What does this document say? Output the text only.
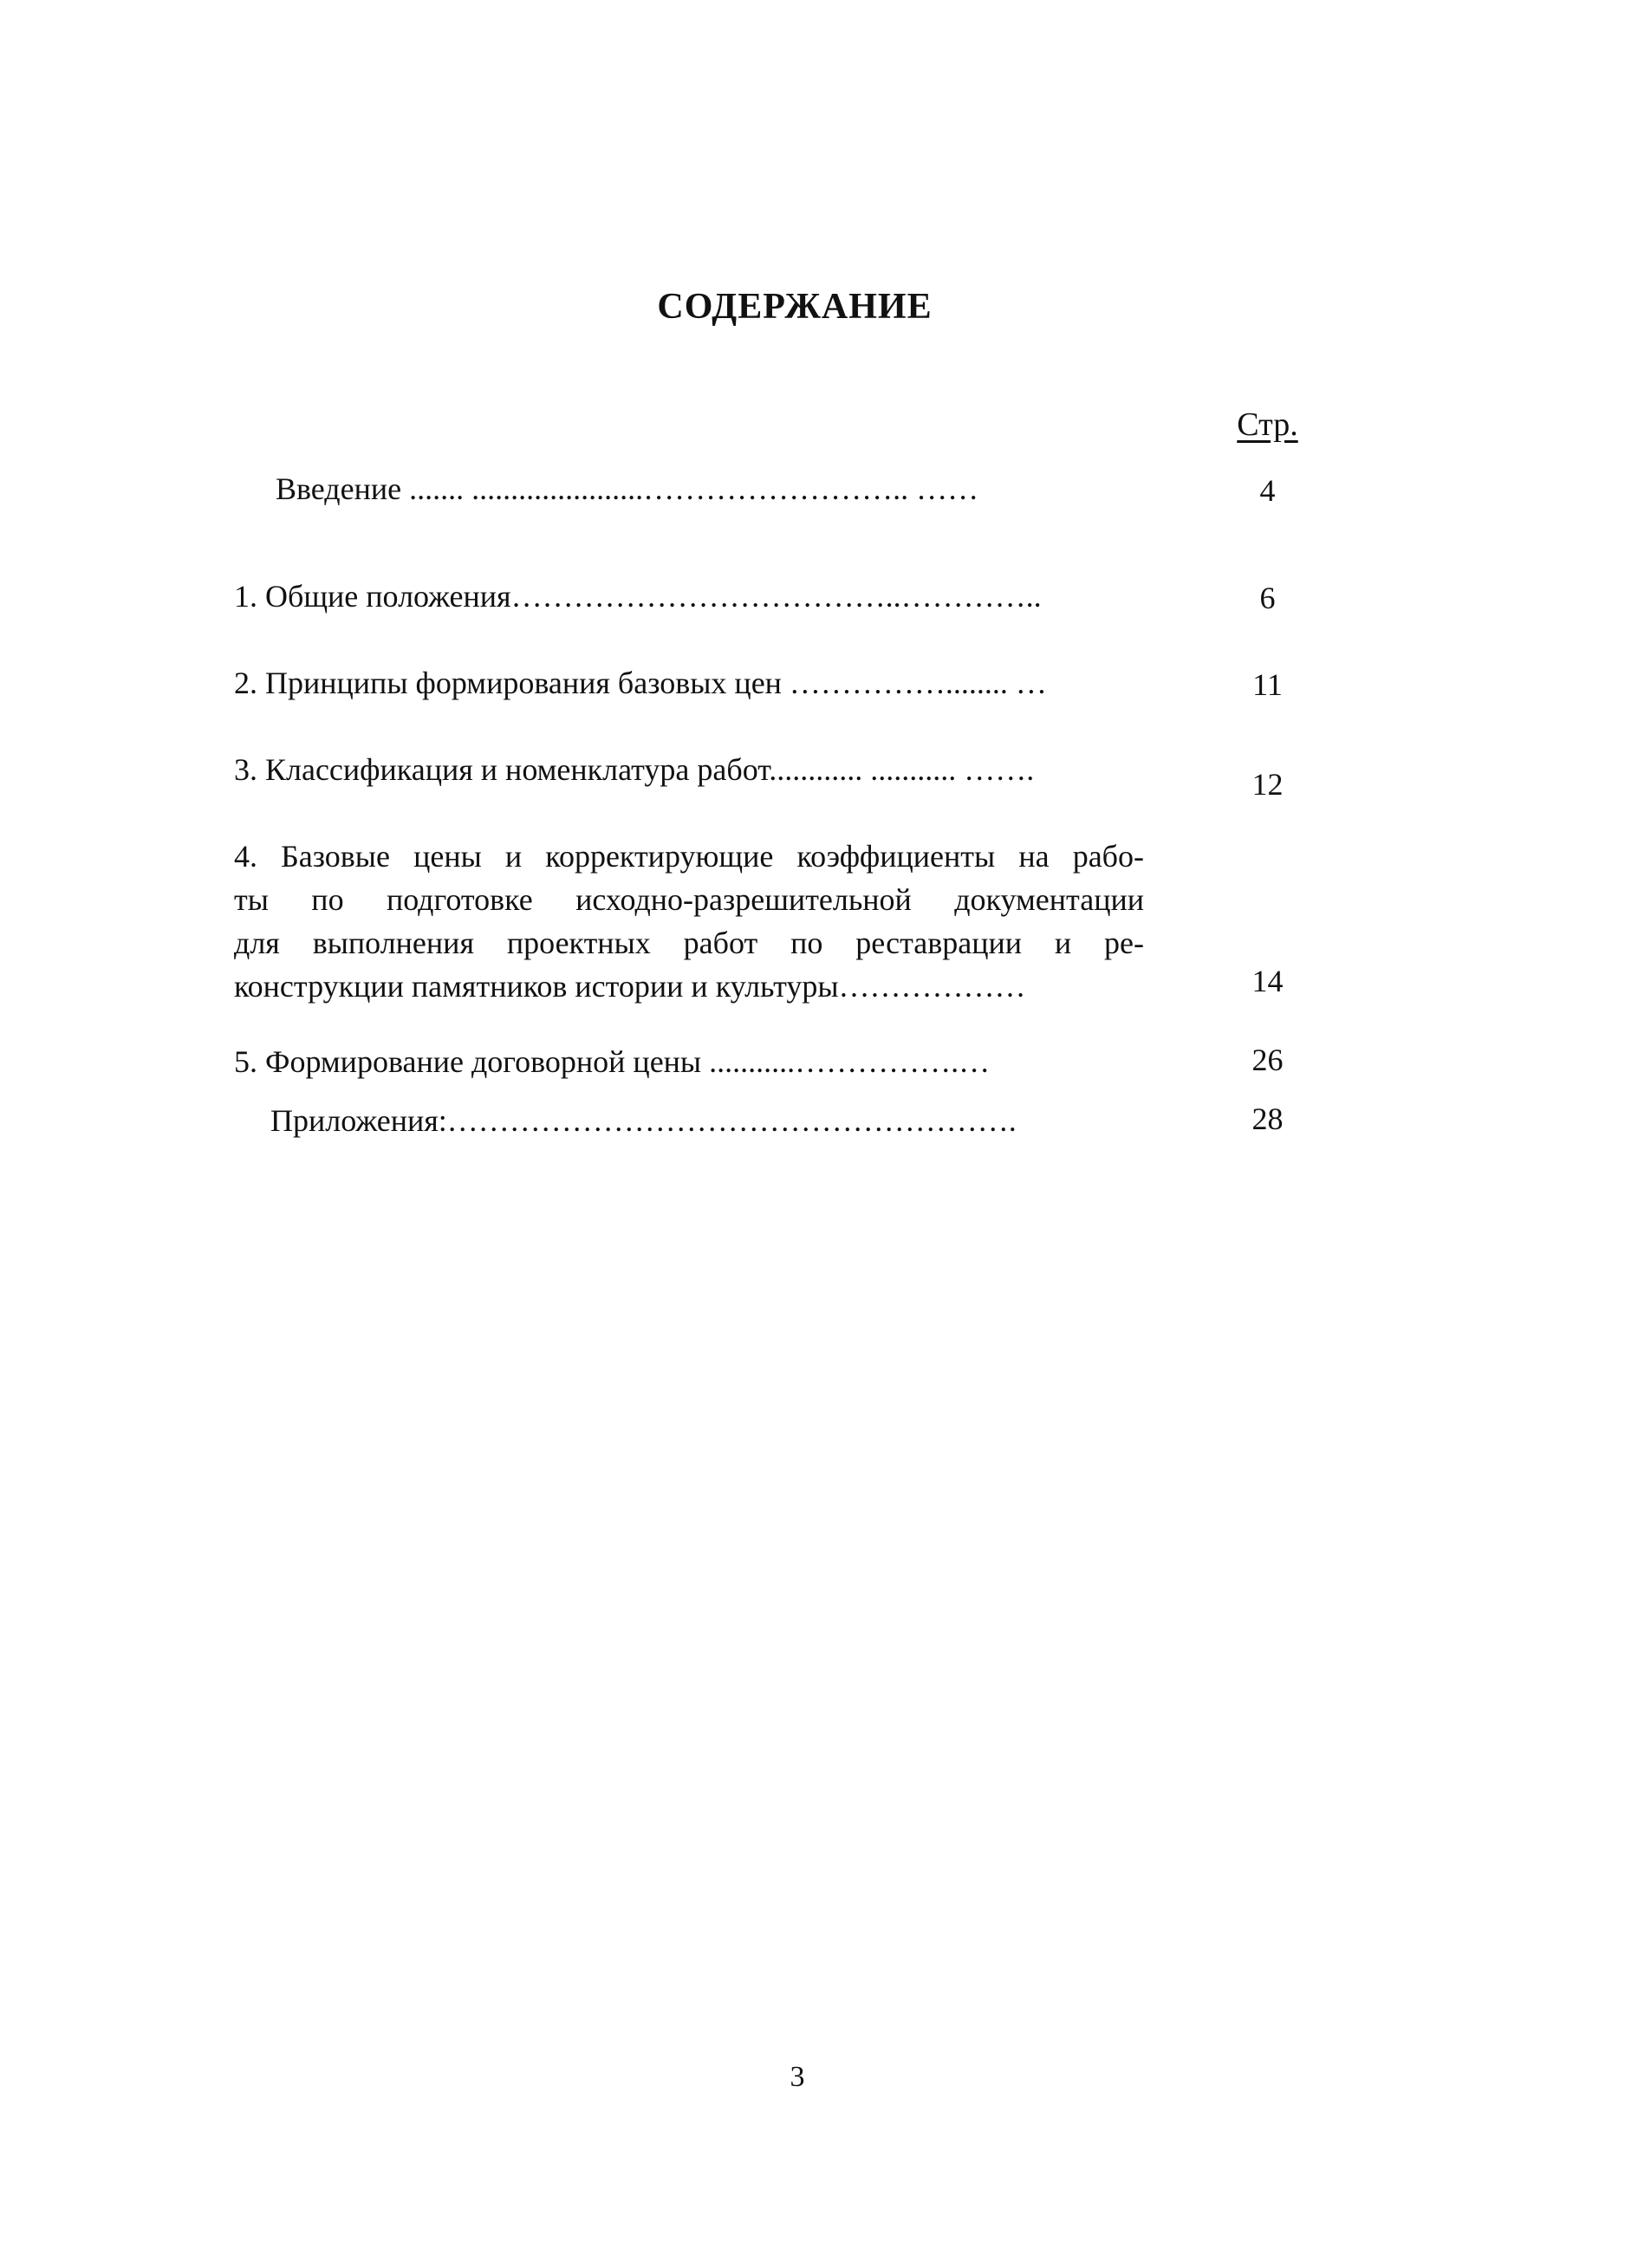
СОДЕРЖАНИЕ
Стр.
Введение ....... ......................…………………….. ……	4
1. Общие положения………………………………..…………..	6
2. Принципы формирования базовых цен ……………........ …	11
3. Классификация и номенклатура работ............ ........... …….	12
4. Базовые цены и корректирующие коэффициенты на рабо-
ты по подготовке исходно-разрешительной документации
для выполнения проектных работ по реставрации и ре-
конструкции памятников истории и культуры………………	14
5. Формирование договорной цены ...........…………….…	26
Приложения:……………………………………………….	28
3
